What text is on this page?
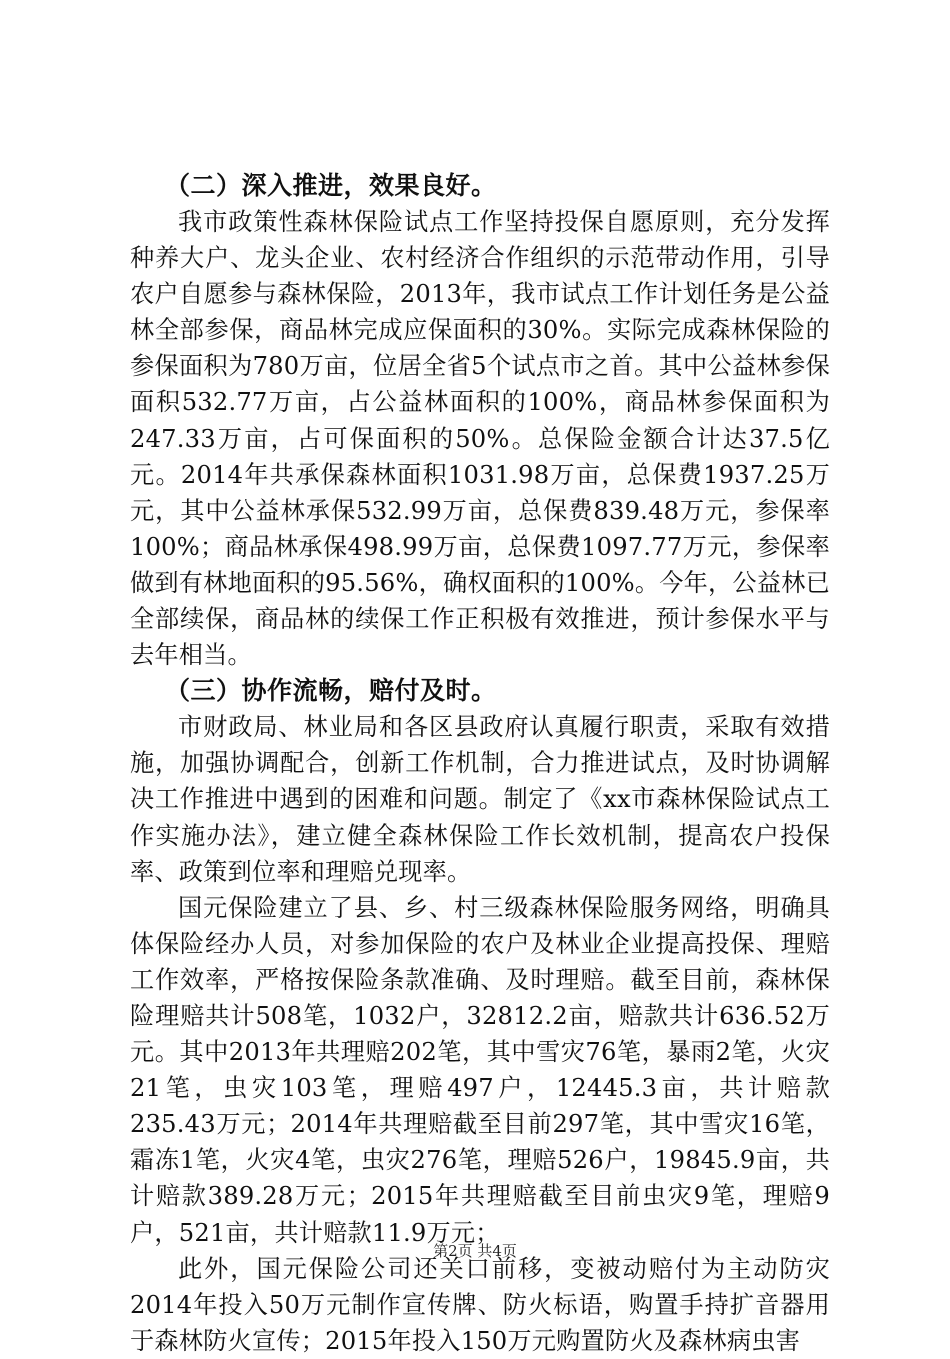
（二）深入推进，效果良好。

我市政策性森林保险试点工作坚持投保自愿原则，充分发挥种养大户、龙头企业、农村经济合作组织的示范带动作用，引导农户自愿参与森林保险，2013年，我市试点工作计划任务是公益林全部参保，商品林完成应保面积的30%。实际完成森林保险的参保面积为780万亩，位居全省5个试点市之首。其中公益林参保面积532.77万亩，占公益林面积的100%，商品林参保面积为247.33万亩，占可保面积的50%。总保险金额合计达37.5亿元。2014年共承保森林面积1031.98万亩，总保费1937.25万元，其中公益林承保532.99万亩，总保费839.48万元，参保率100%；商品林承保498.99万亩，总保费1097.77万元，参保率做到有林地面积的95.56%，确权面积的100%。今年，公益林已全部续保，商品林的续保工作正积极有效推进，预计参保水平与去年相当。

（三）协作流畅，赔付及时。

市财政局、林业局和各区县政府认真履行职责，采取有效措施，加强协调配合，创新工作机制，合力推进试点，及时协调解决工作推进中遇到的困难和问题。制定了《xx市森林保险试点工作实施办法》，建立健全森林保险工作长效机制，提高农户投保率、政策到位率和理赔兑现率。

国元保险建立了县、乡、村三级森林保险服务网络，明确具体保险经办人员，对参加保险的农户及林业企业提高投保、理赔工作效率，严格按保险条款准确、及时理赔。截至目前，森林保险理赔共计508笔，1032户，32812.2亩，赔款共计636.52万元。其中2013年共理赔202笔，其中雪灾76笔，暴雨2笔，火灾21笔，虫灾103笔，理赔497户，12445.3亩，共计赔款235.43万元；2014年共理赔截至目前297笔，其中雪灾16笔，霜冻1笔，火灾4笔，虫灾276笔，理赔526户，19845.9亩，共计赔款389.28万元；2015年共理赔截至目前虫灾9笔，理赔9户，521亩，共计赔款11.9万元；

此外，国元保险公司还关口前移，变被动赔付为主动防灾2014年投入50万元制作宣传牌、防火标语，购置手持扩音器用于森林防火宣传；2015年投入150万元购置防火及森林病虫害

第2页 共4页
